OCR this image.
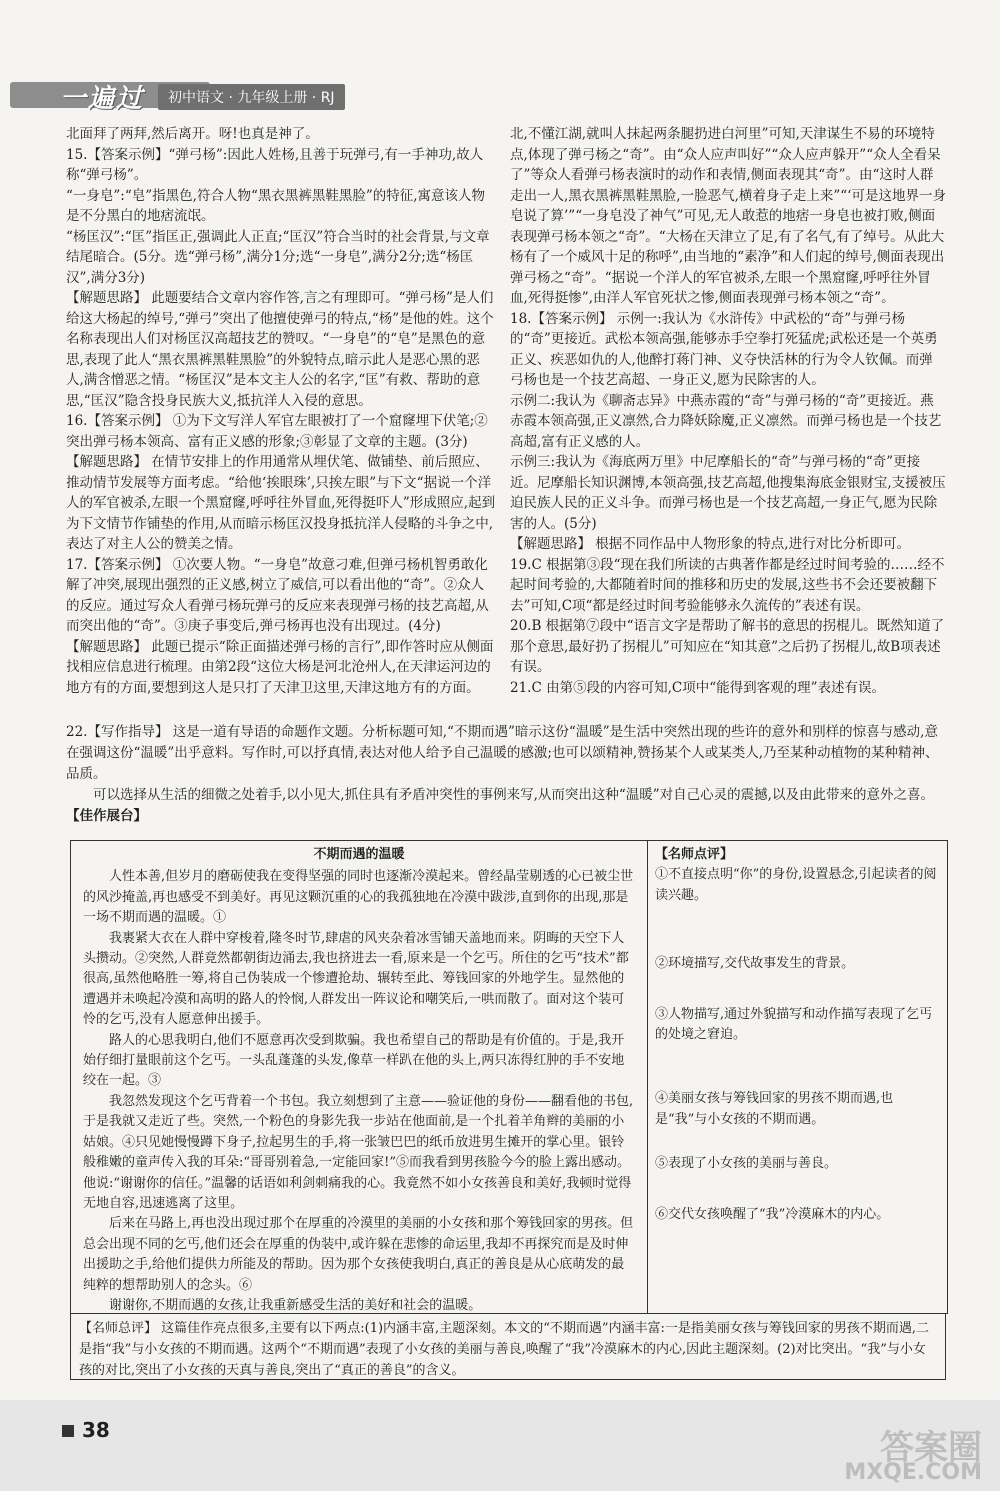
一遍过	初中语文 · 九年级上册 · RJ

北面拜了两拜,然后离开。呀!也真是神了。

15.【答案示例】“弹弓杨”:因此人姓杨,且善于玩弹弓,有一手神功,故人称“弹弓杨”。

“一身皂”:“皂”指黑色,符合人物“黑衣黑裤黑鞋黑脸”的特征,寓意该人物是不分黑白的地痞流氓。

“杨匡汉”:“匡”指匡正,强调此人正直;“匡汉”符合当时的社会背景,与文章结尾暗合。(5分。选“弹弓杨”,满分1分;选“一身皂”,满分2分;选“杨匡汉”,满分3分)

【解题思路】 此题要结合文章内容作答,言之有理即可。“弹弓杨”是人们给这大杨起的绰号,“弹弓”突出了他擅使弹弓的特点,“杨”是他的姓。这个名称表现出人们对杨匡汉高超技艺的赞叹。“一身皂”的“皂”是黑色的意思,表现了此人“黑衣黑裤黑鞋黑脸”的外貌特点,暗示此人是恶心黑的恶人,满含憎恶之情。“杨匡汉”是本文主人公的名字,“匡”有救、帮助的意思,“匡汉”隐含投身民族大义,抵抗洋人入侵的意思。

16.【答案示例】 ①为下文写洋人军官左眼被打了一个窟窿埋下伏笔;②突出弹弓杨本领高、富有正义感的形象;③彰显了文章的主题。(3分)

【解题思路】 在情节安排上的作用通常从埋伏笔、做铺垫、前后照应、推动情节发展等方面考虑。“给他‘挨眼珠’,只挨左眼”与下文“据说一个洋人的军官被杀,左眼一个黑窟窿,呼呼往外冒血,死得挺吓人”形成照应,起到为下文情节作铺垫的作用,从而暗示杨匡汉投身抵抗洋人侵略的斗争之中,表达了对主人公的赞美之情。

17.【答案示例】 ①次要人物。“一身皂”故意刁难,但弹弓杨机智勇敢化解了冲突,展现出强烈的正义感,树立了威信,可以看出他的“奇”。②众人的反应。通过写众人看弹弓杨玩弹弓的反应来表现弹弓杨的技艺高超,从而突出他的“奇”。③庚子事变后,弹弓杨再也没有出现过。(4分)

【解题思路】 此题已提示“除正面描述弹弓杨的言行”,即作答时应从侧面找相应信息进行梳理。由第2段“这位大杨是河北沧州人,在天津运河边的地方有的方面,要想到这人是只打了天津卫这里,天津这地方有的方面。

北,不懂江湖,就叫人抹起两条腿扔进白河里”可知,天津谋生不易的环境特点,体现了弹弓杨之“奇”。由“众人应声叫好”“众人应声躲开”“众人全看呆了”等众人看弹弓杨表演时的动作和表情,侧面表现其“奇”。由“这时人群走出一人,黑衣黑裤黑鞋黑脸,一脸恶气,横着身子走上来”“‘可是这地界一身皂说了算’”“一身皂没了神气”可见,无人敢惹的地痞一身皂也被打败,侧面表现弹弓杨本领之“奇”。“大杨在天津立了足,有了名气,有了绰号。从此大杨有了一个威风十足的称呼”,由当地的“素净”和人们起的绰号,侧面表现出弹弓杨之“奇”。“据说一个洋人的军官被杀,左眼一个黑窟窿,呼呼往外冒血,死得挺惨”,由洋人军官死状之惨,侧面表现弹弓杨本领之“奇”。

18.【答案示例】 示例一:我认为《水浒传》中武松的“奇”与弹弓杨的“奇”更接近。武松本领高强,能够赤手空拳打死猛虎;武松还是一个英勇正义、疾恶如仇的人,他醉打蒋门神、义夺快活林的行为令人钦佩。而弹弓杨也是一个技艺高超、一身正义,愿为民除害的人。

示例二:我认为《聊斋志异》中燕赤霞的“奇”与弹弓杨的“奇”更接近。燕赤霞本领高强,正义凛然,合力降妖除魔,正义凛然。而弹弓杨也是一个技艺高超,富有正义感的人。

示例三:我认为《海底两万里》中尼摩船长的“奇”与弹弓杨的“奇”更接近。尼摩船长知识渊博,本领高强,技艺高超,他搜集海底金银财宝,支援被压迫民族人民的正义斗争。而弹弓杨也是一个技艺高超,一身正气,愿为民除害的人。(5分)

【解题思路】 根据不同作品中人物形象的特点,进行对比分析即可。

19.C 根据第③段“现在我们所读的古典著作都是经过时间考验的……经不起时间考验的,大都随着时间的推移和历史的发展,这些书不会还要被翻下去”可知,C项“都是经过时间考验能够永久流传的”表述有误。

20.B 根据第⑦段中“语言文字是帮助了解书的意思的拐棍儿。既然知道了那个意思,最好扔了拐棍儿”可知应在“知其意”之后扔了拐棍儿,故B项表述有误。

21.C 由第⑤段的内容可知,C项中“能得到客观的理”表述有误。

22.【写作指导】 这是一道有导语的命题作文题。分析标题可知,“不期而遇”暗示这份“温暖”是生活中突然出现的些许的意外和别样的惊喜与感动,意在强调这份“温暖”出乎意料。写作时,可以抒真情,表达对他人给予自己温暖的感激;也可以颂精神,赞扬某个人或某类人,乃至某种动植物的某种精神、品质。

可以选择从生活的细微之处着手,以小见大,抓住具有矛盾冲突性的事例来写,从而突出这种“温暖”对自己心灵的震撼,以及由此带来的意外之喜。

【佳作展台】

不期而遇的温暖

人性本善,但岁月的磨砺使我在变得坚强的同时也逐渐冷漠起来。曾经晶莹剔透的心已被尘世的风沙掩盖,再也感受不到美好。再见这颗沉重的心的我孤独地在冷漠中跋涉,直到你的出现,那是一场不期而遇的温暖。①

我裹紧大衣在人群中穿梭着,隆冬时节,肆虐的风夹杂着冰雪铺天盖地而来。阴晦的天空下人头攒动。②突然,人群竟然都朝街边涌去,我也挤进去一看,原来是一个乞丐。所住的乞丐“技术”都很高,虽然他略胜一筹,将自己伪装成一个惨遭抢劫、辗转至此、筹钱回家的外地学生。显然他的遭遇并未唤起冷漠和高明的路人的怜悯,人群发出一阵议论和嘲笑后,一哄而散了。面对这个装可怜的乞丐,没有人愿意伸出援手。

路人的心思我明白,他们不愿意再次受到欺骗。我也希望自己的帮助是有价值的。于是,我开始仔细打量眼前这个乞丐。一头乱蓬蓬的头发,像草一样趴在他的头上,两只冻得红肿的手不安地绞在一起。③

我忽然发现这个乞丐背着一个书包。我立刻想到了主意——验证他的身份——翻看他的书包,于是我就又走近了些。突然,一个粉色的身影先我一步站在他面前,是一个扎着羊角辫的美丽的小姑娘。④只见她慢慢蹲下身子,拉起男生的手,将一张皱巴巴的纸币放进男生摊开的掌心里。银铃般稚嫩的童声传入我的耳朵:“哥哥别着急,一定能回家!”⑤而我看到男孩脸今今的脸上露出感动。他说:“谢谢你的信任。”温馨的话语如利剑刺痛我的心。我竟然不如小女孩善良和美好,我顿时觉得无地自容,迅速逃离了这里。

后来在马路上,再也没出现过那个在厚重的冷漠里的美丽的小女孩和那个筹钱回家的男孩。但总会出现不同的乞丐,他们还会在厚重的伪装中,或许躲在悲惨的命运里,我却不再探究而是及时伸出援助之手,给他们提供力所能及的帮助。因为那个女孩使我明白,真正的善良是从心底萌发的最纯粹的想帮助别人的念头。⑥

谢谢你,不期而遇的女孩,让我重新感受生活的美好和社会的温暖。

【名师点评】

①不直接点明“你”的身份,设置悬念,引起读者的阅读兴趣。

②环境描写,交代故事发生的背景。

③人物描写,通过外貌描写和动作描写表现了乞丐的处境之窘迫。

④美丽女孩与筹钱回家的男孩不期而遇,也是“我”与小女孩的不期而遇。

⑤表现了小女孩的美丽与善良。

⑥交代女孩唤醒了“我”冷漠麻木的内心。

【名师总评】 这篇佳作亮点很多,主要有以下两点:(1)内涵丰富,主题深刻。本文的“不期而遇”内涵丰富:一是指美丽女孩与筹钱回家的男孩不期而遇,二是指“我”与小女孩的不期而遇。这两个“不期而遇”表现了小女孩的美丽与善良,唤醒了“我”冷漠麻木的内心,因此主题深刻。(2)对比突出。“我”与小女孩的对比,突出了小女孩的天真与善良,突出了“真正的善良”的含义。
38	答案圈
MXQE.COM
